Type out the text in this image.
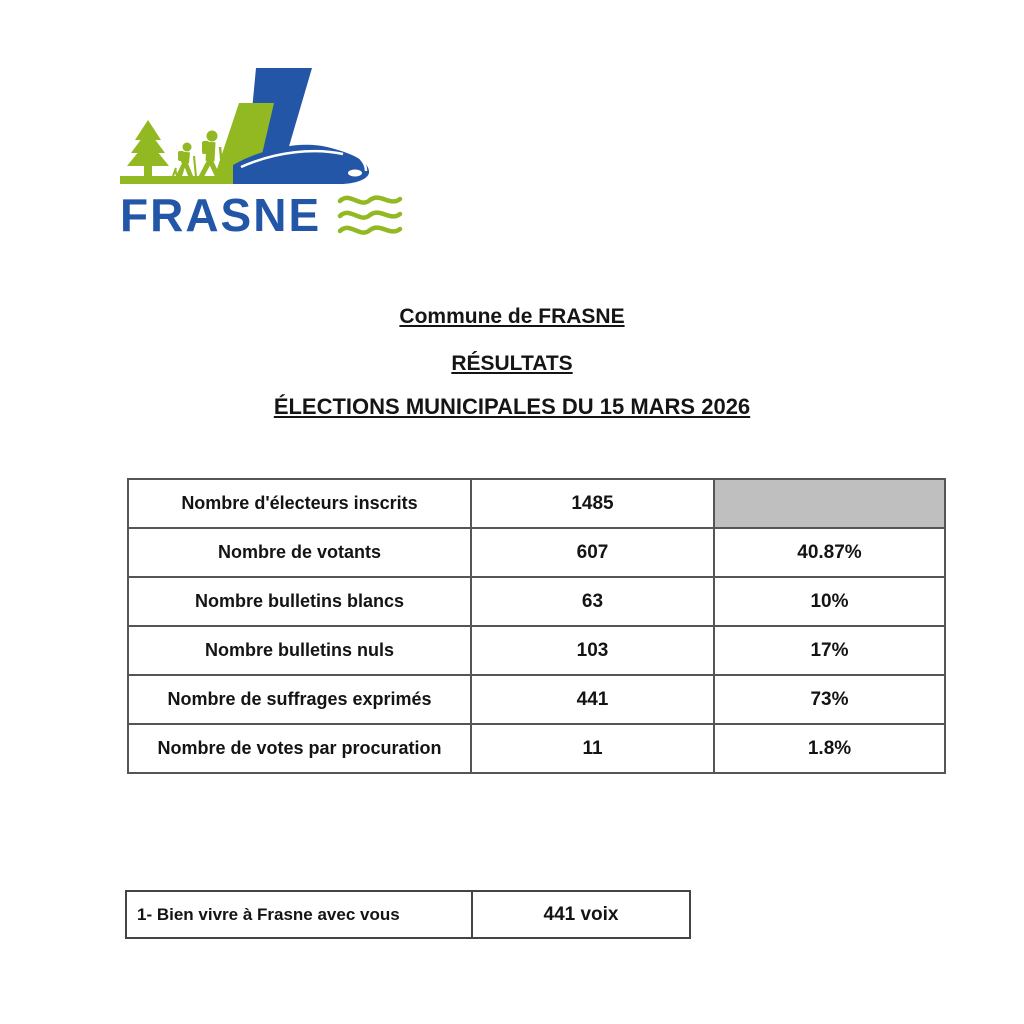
FRASNE
Commune de FRASNE
RÉSULTATS
ÉLECTIONS MUNICIPALES DU 15 MARS 2026
Nombre d'électeurs inscrits	1485	
Nombre de votants	607	40.87%
Nombre bulletins blancs	63	10%
Nombre bulletins nuls	103	17%
Nombre de suffrages exprimés	441	73%
Nombre de votes par procuration	11	1.8%
1- Bien vivre à Frasne avec vous	441 voix
